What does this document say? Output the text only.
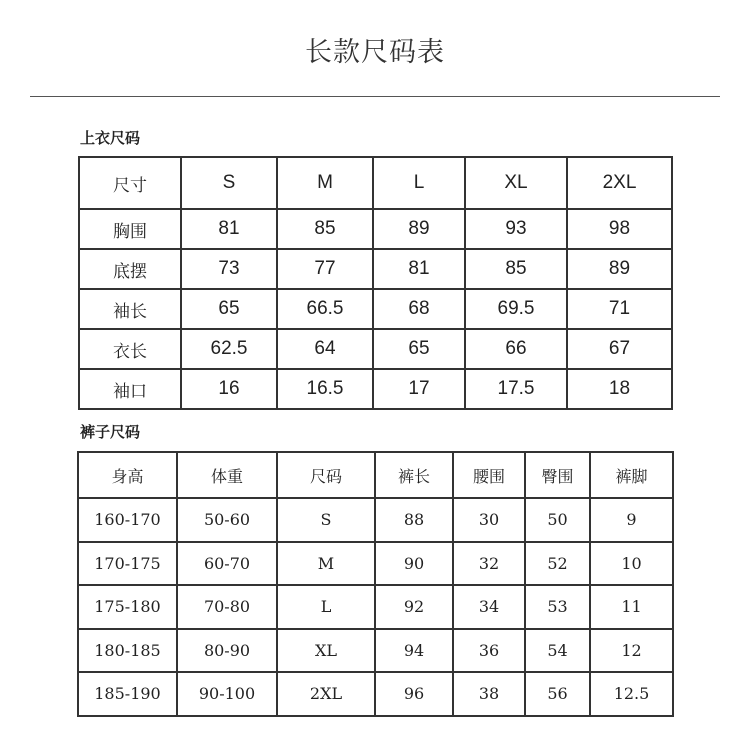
长款尺码表
上衣尺码
尺寸	S	M	L	XL	2XL
胸围	81	85	89	93	98
底摆	73	77	81	85	89
袖长	65	66.5	68	69.5	71
衣长	62.5	64	65	66	67
袖口	16	16.5	17	17.5	18
裤子尺码
身高	体重	尺码	裤长	腰围	臀围	裤脚
160-170	50-60	S	88	30	50	9
170-175	60-70	M	90	32	52	10
175-180	70-80	L	92	34	53	11
180-185	80-90	XL	94	36	54	12
185-190	90-100	2XL	96	38	56	12.5
